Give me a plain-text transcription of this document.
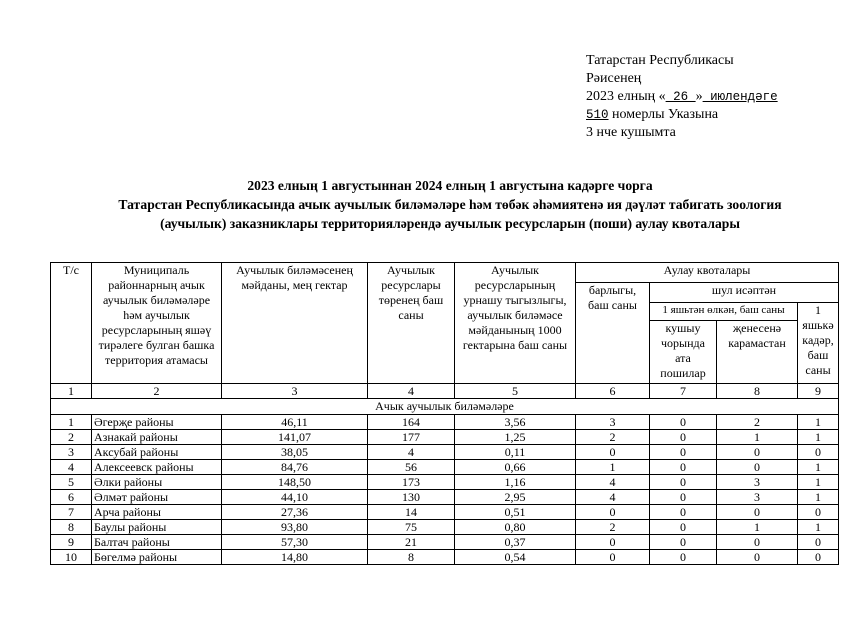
Татарстан Республикасы
Рәисенең
2023 елның « 26 » июлендәге
510 номерлы Указына
3 нче кушымта
2023 елның 1 августыннан 2024 елның 1 августына кадәрге чорга
Татарстан Республикасында ачык аучылык биләмәләре һәм төбәк әһәмиятенә ия дәүләт табигать зоология
(аучылык) заказниклары территорияләрендә аучылык ресурсларын (поши) аулау квоталары
Т/с	Муниципаль районнарның ачык аучылык биләмәләре һәм аучылык ресурсларының яшәү тирәлеге булган башка территория атамасы	Аучылык биләмәсенең мәйданы, мең гектар	Аучылык ресурслары төренең баш саны	Аучылык ресурсларының урнашу тыгызлыгы, аучылык биләмәсе мәйданының 1000 гектарына баш саны	Аулау квоталары			
					барлыгы, баш саны	шул исәптән		
						1 яшьтән өлкән, баш саны		1 яшькә кадәр, баш саны
						кушыу чорында ата пошилар	җенесенә карамастан	
1	2	3	4	5	6	7	8	9
Ачык аучылык биләмәләре								
1	Әгерҗе районы	46,11	164	3,56	3	0	2	1
2	Азнакай районы	141,07	177	1,25	2	0	1	1
3	Аксубай районы	38,05	4	0,11	0	0	0	0
4	Алексеевск районы	84,76	56	0,66	1	0	0	1
5	Әлки районы	148,50	173	1,16	4	0	3	1
6	Әлмәт районы	44,10	130	2,95	4	0	3	1
7	Арча районы	27,36	14	0,51	0	0	0	0
8	Баулы районы	93,80	75	0,80	2	0	1	1
9	Балтач районы	57,30	21	0,37	0	0	0	0
10	Бөгелмә районы	14,80	8	0,54	0	0	0	0
